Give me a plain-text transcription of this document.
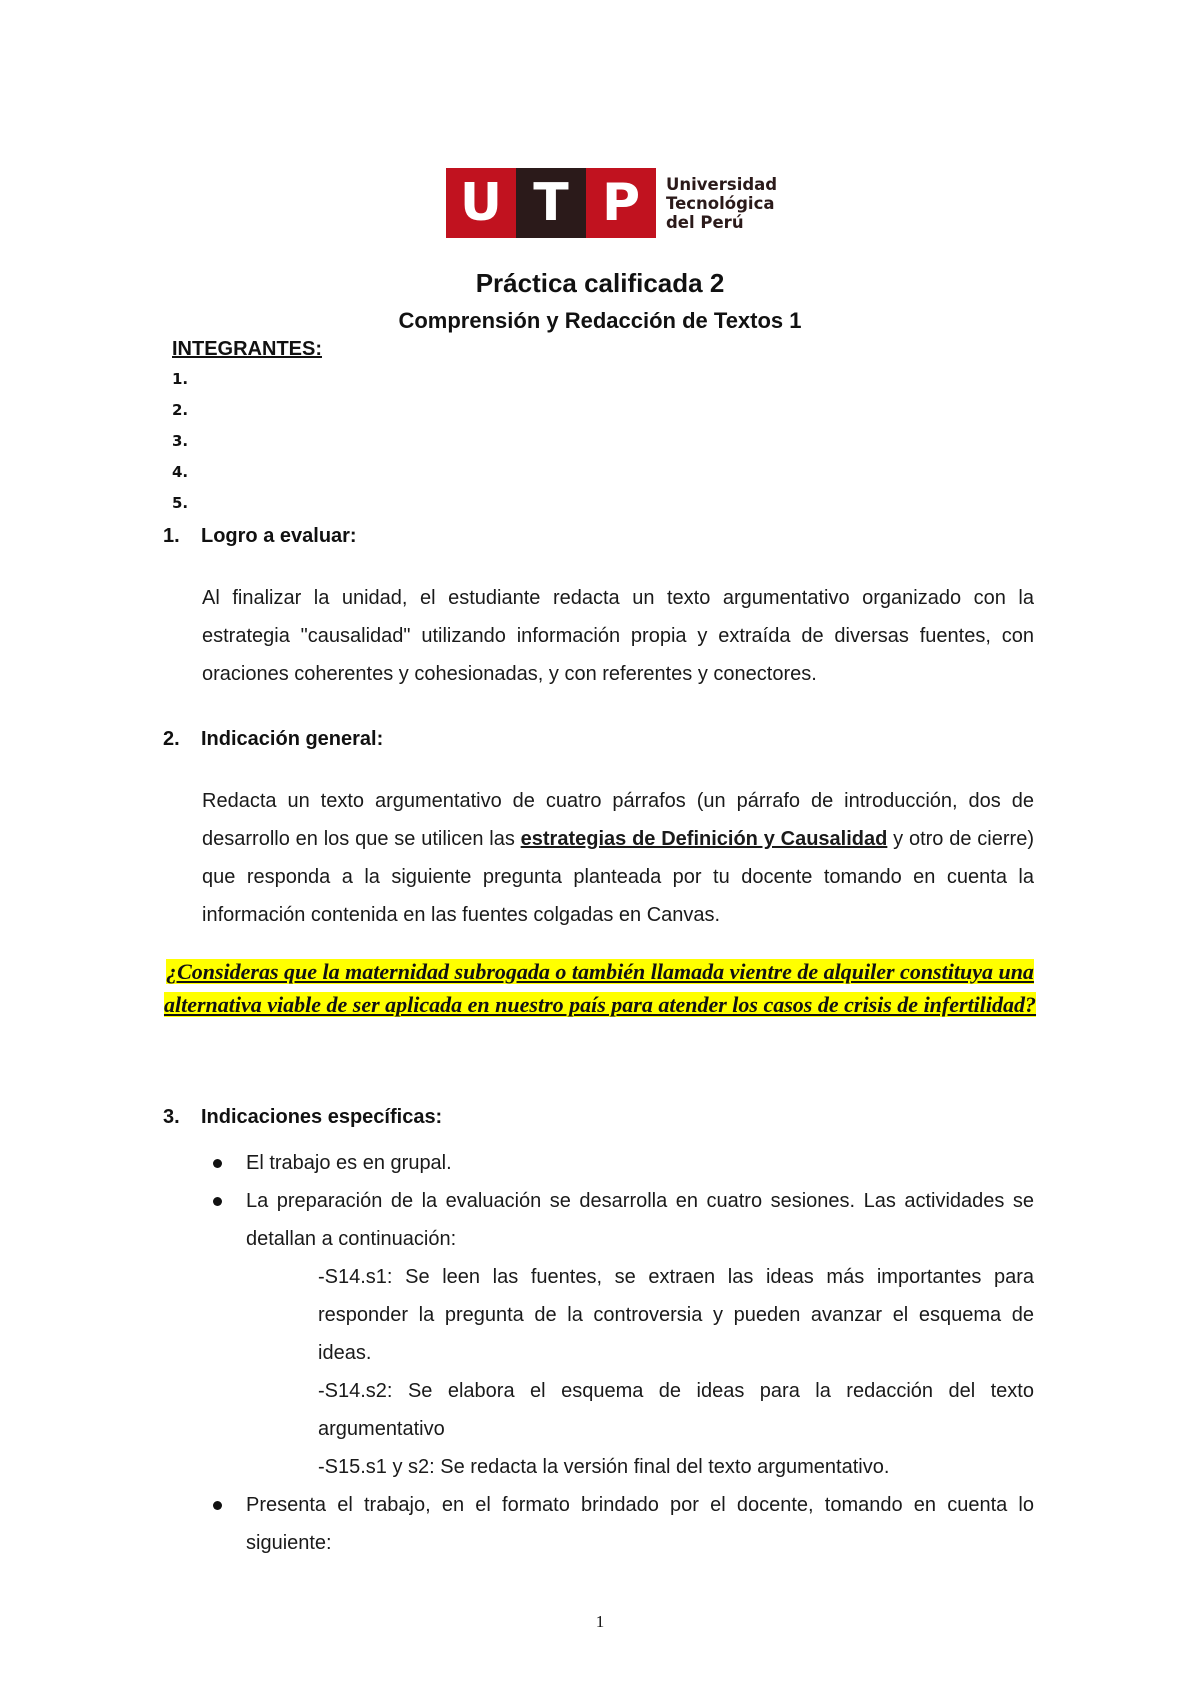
U T P	Universidad
Tecnológica
del Perú
Práctica calificada 2
Comprensión y Redacción de Textos 1
INTEGRANTES:
1.
2.
3.
4.
5.
1. Logro a evaluar:
Al finalizar la unidad, el estudiante redacta un texto argumentativo organizado con la estrategia "causalidad" utilizando información propia y extraída de diversas fuentes, con oraciones coherentes y cohesionadas, y con referentes y conectores.
2. Indicación general:
Redacta un texto argumentativo de cuatro párrafos (un párrafo de introducción, dos de desarrollo en los que se utilicen las estrategias de Definición y Causalidad y otro de cierre) que responda a la siguiente pregunta planteada por tu docente tomando en cuenta la información contenida en las fuentes colgadas en Canvas.
¿Consideras que la maternidad subrogada o también llamada vientre de alquiler constituya una alternativa viable de ser aplicada en nuestro país para atender los casos de crisis de infertilidad?
3. Indicaciones específicas:
El trabajo es en grupal.
La preparación de la evaluación se desarrolla en cuatro sesiones. Las actividades se detallan a continuación:
-S14.s1: Se leen las fuentes, se extraen las ideas más importantes para responder la pregunta de la controversia y pueden avanzar el esquema de ideas.
-S14.s2: Se elabora el esquema de ideas para la redacción del texto argumentativo
-S15.s1 y s2: Se redacta la versión final del texto argumentativo.
Presenta el trabajo, en el formato brindado por el docente, tomando en cuenta lo siguiente:
1
